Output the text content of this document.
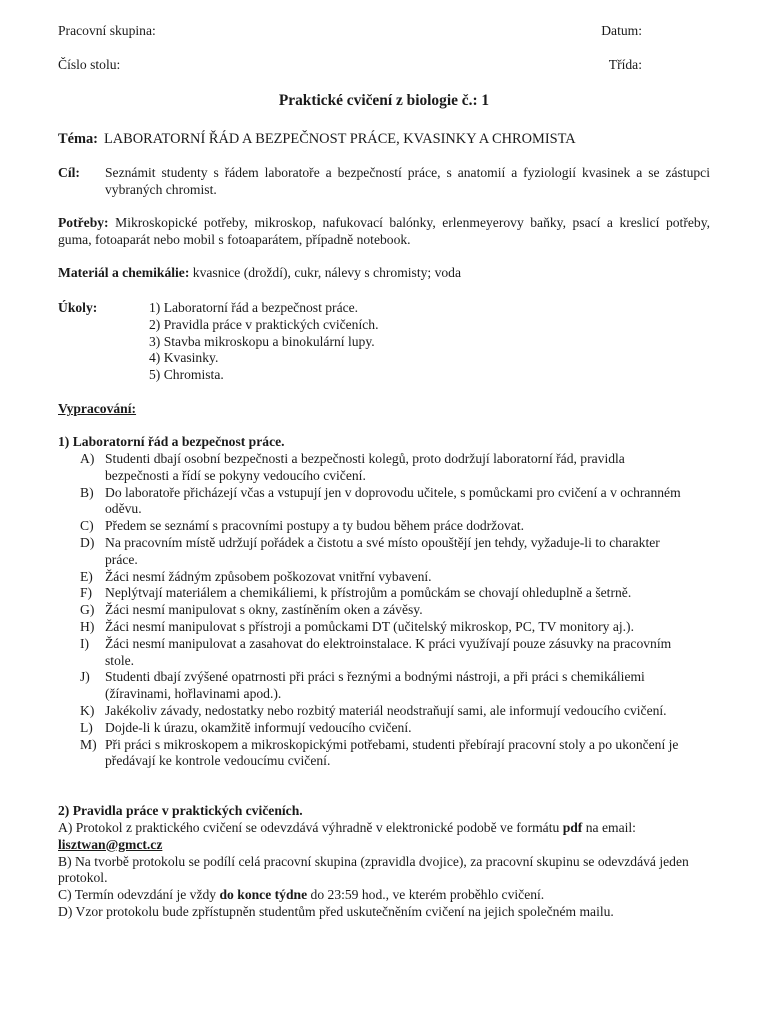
Pracovní skupina:	Datum:
Číslo stolu:	Třída:
Praktické cvičení z biologie č.: 1
Téma: LABORATORNÍ ŘÁD A BEZPEČNOST PRÁCE, KVASINKY A CHROMISTA
Cíl: Seznámit studenty s řádem laboratoře a bezpečností práce, s anatomií a fyziologií kvasinek a se zástupci vybraných chromist.
Potřeby: Mikroskopické potřeby, mikroskop, nafukovací balónky, erlenmeyerovy baňky, psací a kreslicí potřeby, guma, fotoaparát nebo mobil s fotoaparátem, případně notebook.
Materiál a chemikálie: kvasnice (droždí), cukr, nálevy s chromisty; voda
Úkoly:	1) Laboratorní řád a bezpečnost práce.
2) Pravidla práce v praktických cvičeních.
3) Stavba mikroskopu a binokulární lupy.
4) Kvasinky.
5) Chromista.
Vypracování:
1) Laboratorní řád a bezpečnost práce.
A) Studenti dbají osobní bezpečnosti a bezpečnosti kolegů, proto dodržují laboratorní řád, pravidla bezpečnosti a řídí se pokyny vedoucího cvičení.
B) Do laboratoře přicházejí včas a vstupují jen v doprovodu učitele, s pomůckami pro cvičení a v ochranném oděvu.
C) Předem se seznámí s pracovními postupy a ty budou během práce dodržovat.
D) Na pracovním místě udržují pořádek a čistotu a své místo opouštějí jen tehdy, vyžaduje-li to charakter práce.
E) Žáci nesmí žádným způsobem poškozovat vnitřní vybavení.
F) Neplýtvají materiálem a chemikáliemi, k přístrojům a pomůckám se chovají ohleduplně a šetrně.
G) Žáci nesmí manipulovat s okny, zastíněním oken a závěsy.
H) Žáci nesmí manipulovat s přístroji a pomůckami DT (učitelský mikroskop, PC, TV monitory aj.).
I) Žáci nesmí manipulovat a zasahovat do elektroinstalace. K práci využívají pouze zásuvky na pracovním stole.
J) Studenti dbají zvýšené opatrnosti při práci s řeznými a bodnými nástroji, a při práci s chemikáliemi (žíravinami, hořlavinami apod.).
K) Jakékoliv závady, nedostatky nebo rozbitý materiál neodstraňují sami, ale informují vedoucího cvičení.
L) Dojde-li k úrazu, okamžitě informují vedoucího cvičení.
M) Při práci s mikroskopem a mikroskopickými potřebami, studenti přebírají pracovní stoly a po ukončení je předávají ke kontrole vedoucímu cvičení.
2) Pravidla práce v praktických cvičeních.
A) Protokol z praktického cvičení se odevzdává výhradně v elektronické podobě ve formátu pdf na email: lisztwan@gmct.cz
B) Na tvorbě protokolu se podílí celá pracovní skupina (zpravidla dvojice), za pracovní skupinu se odevzdává jeden protokol.
C) Termín odevzdání je vždy do konce týdne do 23:59 hod., ve kterém proběhlo cvičení.
D) Vzor protokolu bude zpřístupněn studentům před uskutečněním cvičení na jejich společném mailu.
